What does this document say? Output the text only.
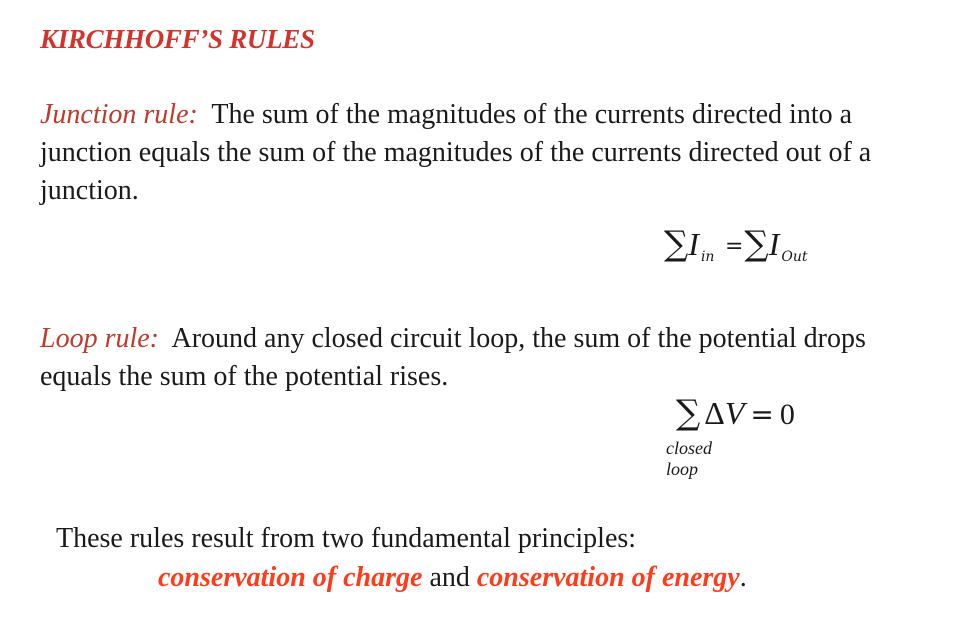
KIRCHHOFF’S RULES
Junction rule: The sum of the magnitudes of the currents directed into a junction equals the sum of the magnitudes of the currents directed out of a junction.
∑I $_{in}$ =∑I $_{Out}$
Loop rule: Around any closed circuit loop, the sum of the potential drops equals the sum of the potential rises.
∑ ΔV = 0
closed
loop
These rules result from two fundamental principles:
conservation of charge and conservation of energy.
